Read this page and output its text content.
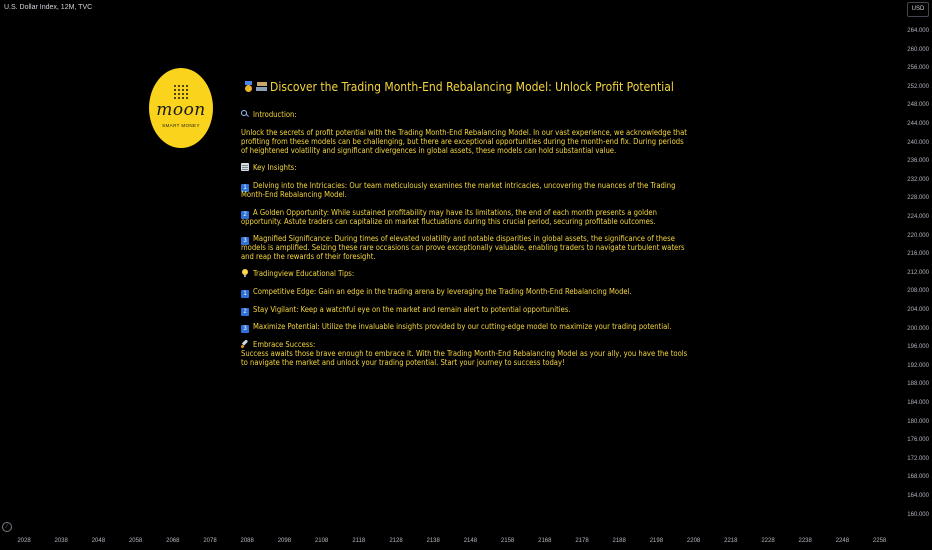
U.S. Dollar Index, 12M, TVC	USD
264.000
260.000
256.000
252.000
248.000
244.000
240.000
236.000
232.000
228.000
224.000
220.000
216.000
212.000
208.000
204.000
200.000
196.000
192.000
188.000
184.000
180.000
176.000
172.000
168.000
164.000
160.000
2028	2038	2048	2058	2068	2078	2088	2098	2108	2118	2128	2138	2148	2158	2168	2178	2188	2198	2208	2218	2228	2238	2248	2258
⁄
moon
SMART MONEY
Discover the Trading Month-End Rebalancing Model: Unlock Profit Potential
Introduction:
Unlock the secrets of profit potential with the Trading Month-End Rebalancing Model. In our vast experience, we acknowledge that
profiting from these models can be challenging, but there are exceptional opportunities during the month-end fix. During periods
of heightened volatility and significant divergences in global assets, these models can hold substantial value.
Key Insights:
1 Delving into the Intricacies: Our team meticulously examines the market intricacies, uncovering the nuances of the Trading
Month-End Rebalancing Model.
2 A Golden Opportunity: While sustained profitability may have its limitations, the end of each month presents a golden
opportunity. Astute traders can capitalize on market fluctuations during this crucial period, securing profitable outcomes.
3 Magnified Significance: During times of elevated volatility and notable disparities in global assets, the significance of these
models is amplified. Seizing these rare occasions can prove exceptionally valuable, enabling traders to navigate turbulent waters
and reap the rewards of their foresight.
Tradingview Educational Tips:
1 Competitive Edge: Gain an edge in the trading arena by leveraging the Trading Month-End Rebalancing Model.
2 Stay Vigilant: Keep a watchful eye on the market and remain alert to potential opportunities.
3 Maximize Potential: Utilize the invaluable insights provided by our cutting-edge model to maximize your trading potential.
Embrace Success:
Success awaits those brave enough to embrace it. With the Trading Month-End Rebalancing Model as your ally, you have the tools
to navigate the market and unlock your trading potential. Start your journey to success today!
